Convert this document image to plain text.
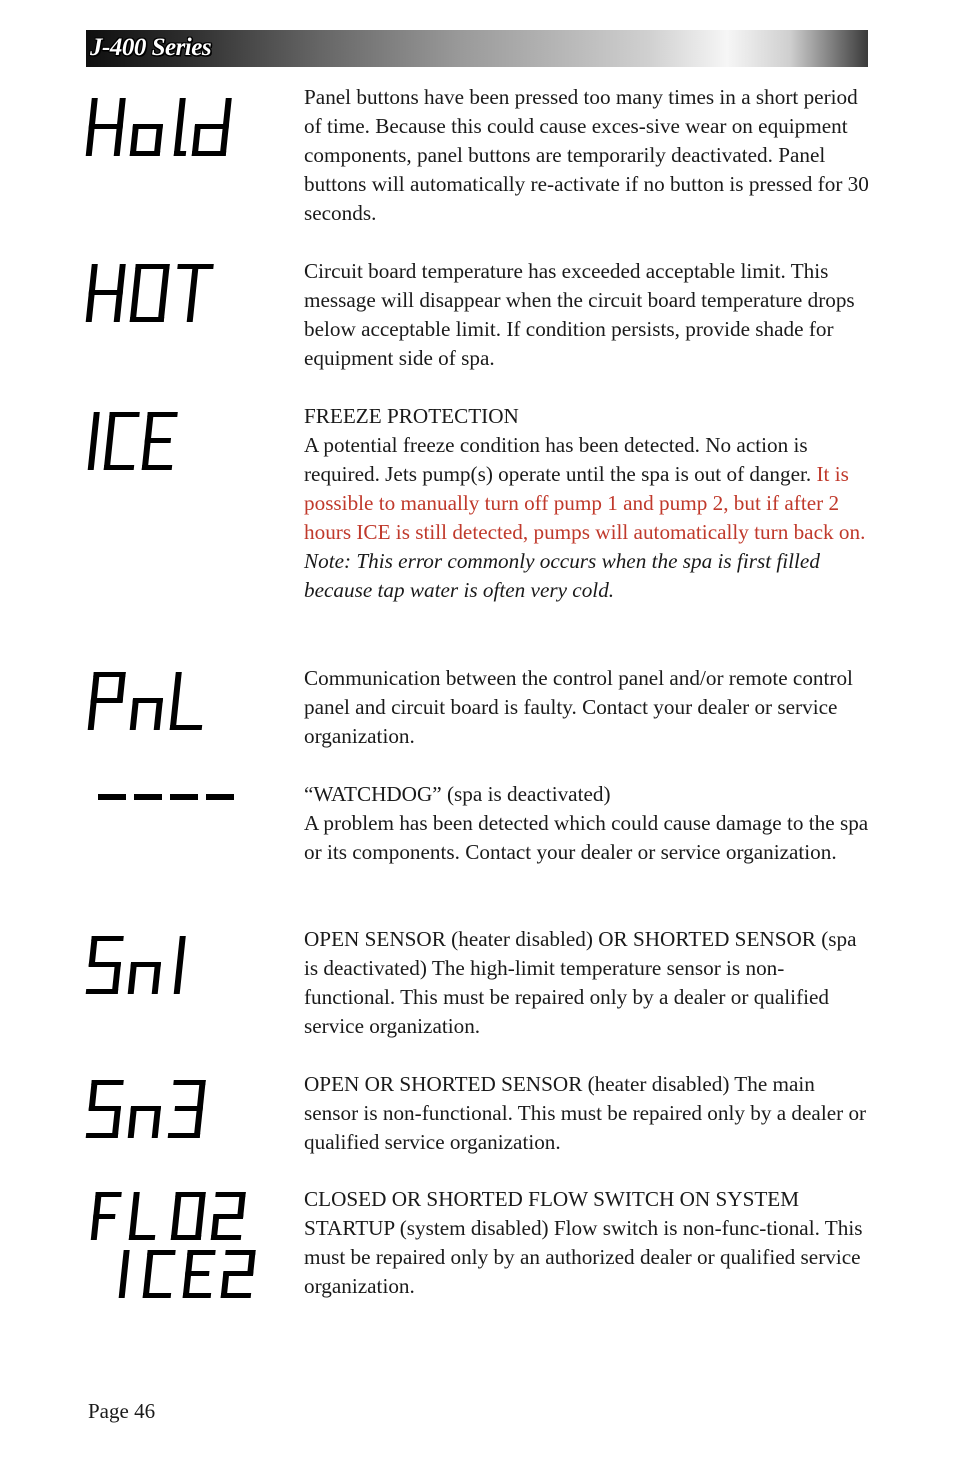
J-400 Series

Panel buttons have been pressed too many times in a short period of time. Because this could cause exces-sive wear on equipment components, panel buttons are temporarily deactivated. Panel buttons will automatically re-activate if no button is pressed for 30 seconds.

Circuit board temperature has exceeded acceptable limit. This message will disappear when the circuit board temperature drops below acceptable limit. If condition persists, provide shade for equipment side of spa.

FREEZE PROTECTION

A potential freeze condition has been detected. No action is required. Jets pump(s) operate until the spa is out of danger. It is possible to manually turn off pump 1 and pump 2, but if after 2 hours ICE is still detected, pumps will automatically turn back on. Note: This error commonly occurs when the spa is first filled because tap water is often very cold.

Communication between the control panel and/or remote control panel and circuit board is faulty. Contact your dealer or service organization.

“WATCHDOG” (spa is deactivated)

A problem has been detected which could cause damage to the spa or its components. Contact your dealer or service organization.

OPEN SENSOR (heater disabled) OR SHORTED SENSOR (spa is deactivated) The high-limit temperature sensor is non-functional. This must be repaired only by a dealer or qualified service organization.

OPEN OR SHORTED SENSOR (heater disabled) The main sensor is non-functional. This must be repaired only by a dealer or qualified service organization.

CLOSED OR SHORTED FLOW SWITCH ON SYSTEM STARTUP (system disabled) Flow switch is non-func-tional. This must be repaired only by an authorized dealer or qualified service organization.

Page 46
